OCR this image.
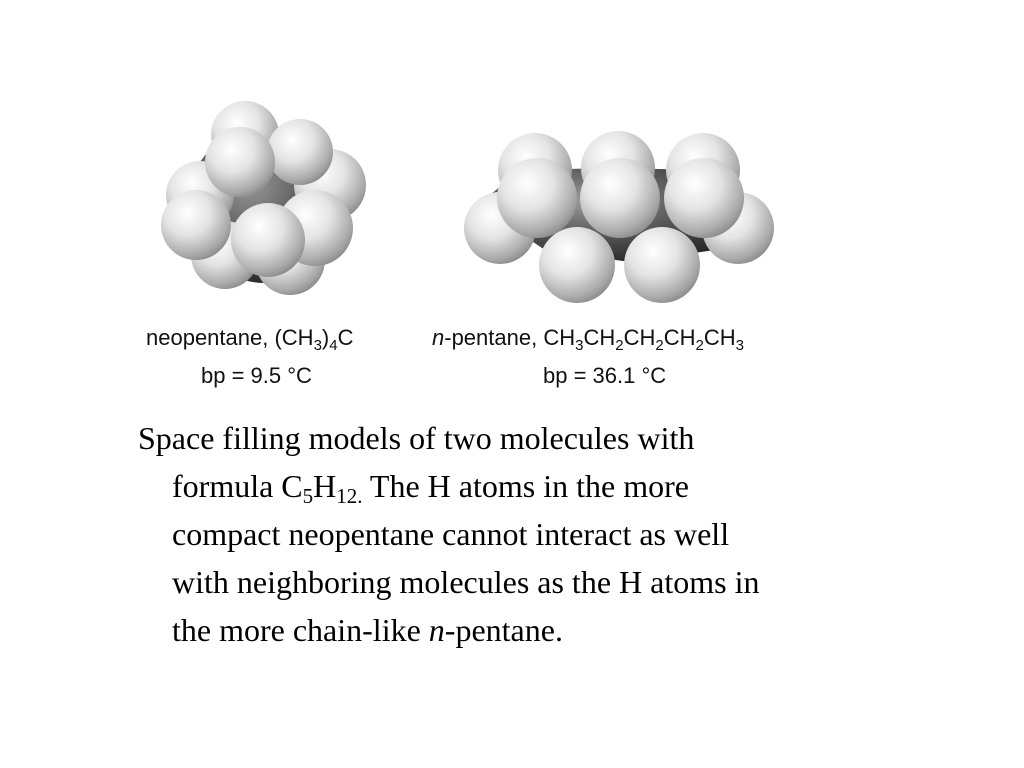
neopentane, $(CH_3)_4C$
bp = 9.5 °C
n-pentane, $CH_3CH_2CH_2CH_2CH_3$
bp = 36.1 °C
Space filling models of two molecules with
formula $C_5H_{12.}$ The H atoms in the more
compact neopentane cannot interact as well
with neighboring molecules as the H atoms in
the more chain-like n-pentane.
